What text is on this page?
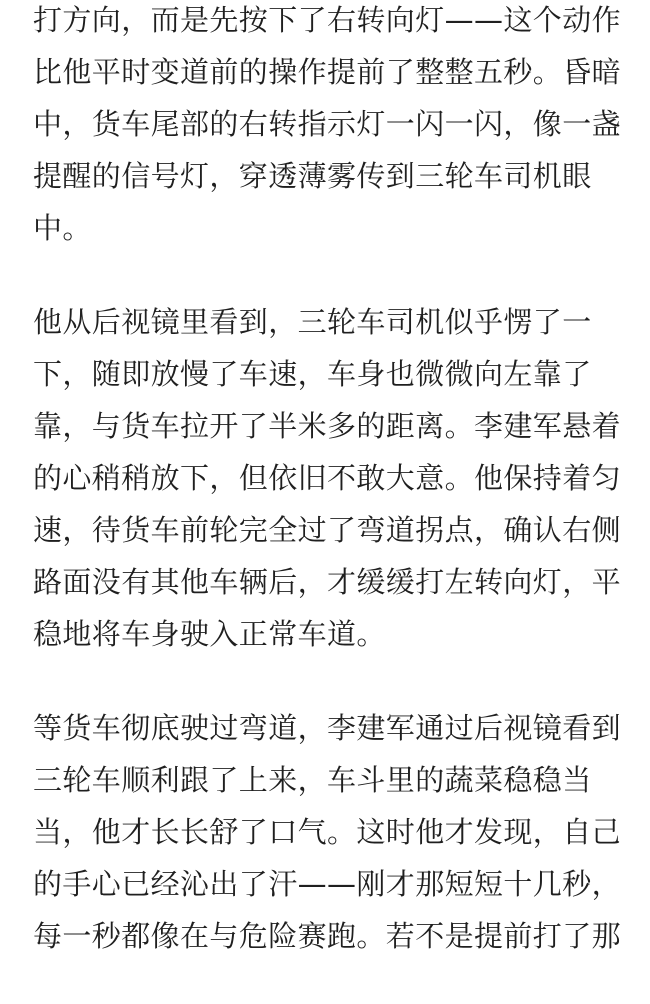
打方向，而是先按下了右转向灯——这个动作
比他平时变道前的操作提前了整整五秒。昏暗
中，货车尾部的右转指示灯一闪一闪，像一盏
提醒的信号灯，穿透薄雾传到三轮车司机眼
中。
他从后视镜里看到，三轮车司机似乎愣了一
下，随即放慢了车速，车身也微微向左靠了
靠，与货车拉开了半米多的距离。李建军悬着
的心稍稍放下，但依旧不敢大意。他保持着匀
速，待货车前轮完全过了弯道拐点，确认右侧
路面没有其他车辆后，才缓缓打左转向灯，平
稳地将车身驶入正常车道。
等货车彻底驶过弯道，李建军通过后视镜看到
三轮车顺利跟了上来，车斗里的蔬菜稳稳当
当，他才长长舒了口气。这时他才发现，自己
的手心已经沁出了汗——刚才那短短十几秒，
每一秒都像在与危险赛跑。若不是提前打了那
